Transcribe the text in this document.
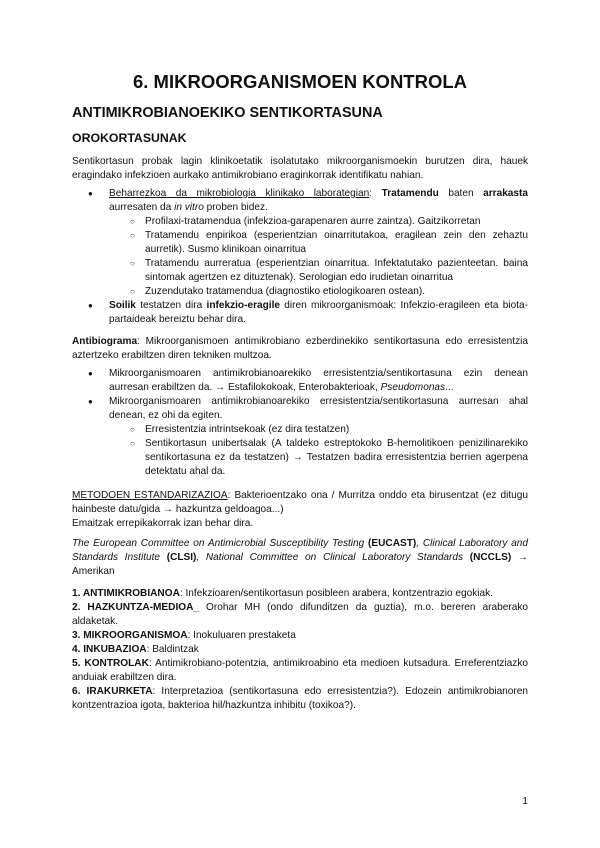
6. MIKROORGANISMOEN KONTROLA
ANTIMIKROBIANOEKIKO SENTIKORTASUNA
OROKORTASUNAK

Sentikortasun probak lagin klinikoetatik isolatutako mikroorganismoekin burutzen dira, hauek eragindako infekzioen aurkako antimikrobiano eraginkorrak identifikatu nahian.

● Beharrezkoa da mikrobiologia klinikako laborategian: Tratamendu baten arrakasta aurresaten da in vitro proben bidez.
○ Profilaxi-tratamendua (infekzioa-garapenaren aurre zaintza). Gaitzikorretan
○ Tratamendu enpirikoa (esperientzian oinarritutakoa, eragilean zein den zehaztu aurretik). Susmo klinikoan oinarritua
○ Tratamendu aurreratua (esperientzian oinarritua. Infektatutako pazienteetan. baina sintomak agertzen ez dituztenak). Serologian edo irudietan oinarritua
○ Zuzendutako tratamendua (diagnostiko etiologikoaren ostean).
● Soilik testatzen dira infekzio-eragile diren mikroorganismoak: Infekzio-eragileen eta biota-partaideak bereiztu behar dira.

Antibiograma: Mikroorganismoen antimikrobiano ezberdinekiko sentikortasuna edo erresistentzia aztertzeko erabiltzen diren tekniken multzoa.

● Mikroorganismoaren antimikrobianoarekiko erresistentzia/sentikortasuna ezin denean aurresan erabiltzen da. → Estafilokokoak, Enterobakterioak, Pseudomonas...
● Mikroorganismoaren antimikrobianoarekiko erresistentzia/sentikortasuna aurresan ahal denean, ez ohi da egiten.
○ Erresistentzia intrintsekoak (ez dira testatzen)
○ Sentikortasun unibertsalak (A taldeko estreptokoko B-hemolitikoen penizilinarekiko sentikortasuna ez da testatzen) → Testatzen badira erresistentzia berrien agerpena detektatu ahal da.

METODOEN ESTANDARIZAZIOA: Bakterioentzako ona / Murritza onddo eta birusentzat (ez ditugu hainbeste datu/gida → hazkuntza geldoagoa...)

Emaitzak errepikakorrak izan behar dira.

The European Committee on Antimicrobial Susceptibility Testing (EUCAST), Clinical Laboratory and Standards Institute (CLSI), National Committee on Clinical Laboratory Standards (NCCLS) → Amerikan

1. ANTIMIKROBIANOA: Infekzioaren/sentikortasun posibleen arabera, kontzentrazio egokiak.

2. HAZKUNTZA-MEDIOA_ Orohar MH (ondo difunditzen da guztia), m.o. bereren araberako aldaketak.

3. MIKROORGANISMOA: Inokuluaren prestaketa

4. INKUBAZIOA: Baldintzak

5. KONTROLAK: Antimikrobiano-potentzia, antimikroabino eta medioen kutsadura. Erreferentziazko anduiak erabiltzen dira.

6. IRAKURKETA: Interpretazioa (sentikortasuna edo erresistentzia?). Edozein antimikrobianoren kontzentrazioa igota, bakterioa hil/hazkuntza inhibitu (toxikoa?).

1
